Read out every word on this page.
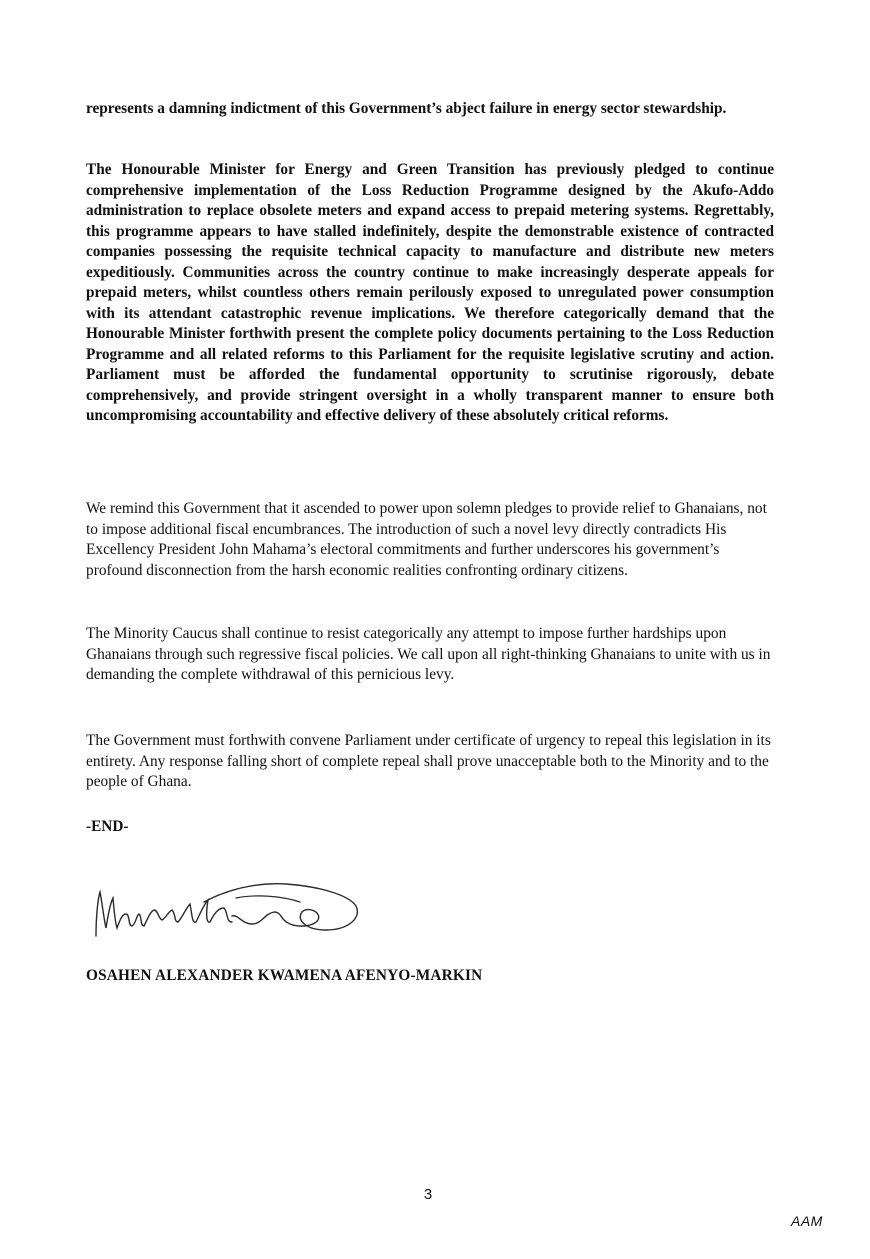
represents a damning indictment of this Government’s abject failure in energy sector stewardship.

The Honourable Minister for Energy and Green Transition has previously pledged to continue comprehensive implementation of the Loss Reduction Programme designed by the Akufo-Addo administration to replace obsolete meters and expand access to prepaid metering systems. Regrettably, this programme appears to have stalled indefinitely, despite the demonstrable existence of contracted companies possessing the requisite technical capacity to manufacture and distribute new meters expeditiously. Communities across the country continue to make increasingly desperate appeals for prepaid meters, whilst countless others remain perilously exposed to unregulated power consumption with its attendant catastrophic revenue implications. We therefore categorically demand that the Honourable Minister forthwith present the complete policy documents pertaining to the Loss Reduction Programme and all related reforms to this Parliament for the requisite legislative scrutiny and action. Parliament must be afforded the fundamental opportunity to scrutinise rigorously, debate comprehensively, and provide stringent oversight in a wholly transparent manner to ensure both uncompromising accountability and effective delivery of these absolutely critical reforms.

We remind this Government that it ascended to power upon solemn pledges to provide relief to Ghanaians, not to impose additional fiscal encumbrances. The introduction of such a novel levy directly contradicts His Excellency President John Mahama’s electoral commitments and further underscores his government’s profound disconnection from the harsh economic realities confronting ordinary citizens.

The Minority Caucus shall continue to resist categorically any attempt to impose further hardships upon Ghanaians through such regressive fiscal policies. We call upon all right-thinking Ghanaians to unite with us in demanding the complete withdrawal of this pernicious levy.

The Government must forthwith convene Parliament under certificate of urgency to repeal this legislation in its entirety. Any response falling short of complete repeal shall prove unacceptable both to the Minority and to the people of Ghana.

-END-
OSAHEN ALEXANDER KWAMENA AFENYO-MARKIN
3
AAM
